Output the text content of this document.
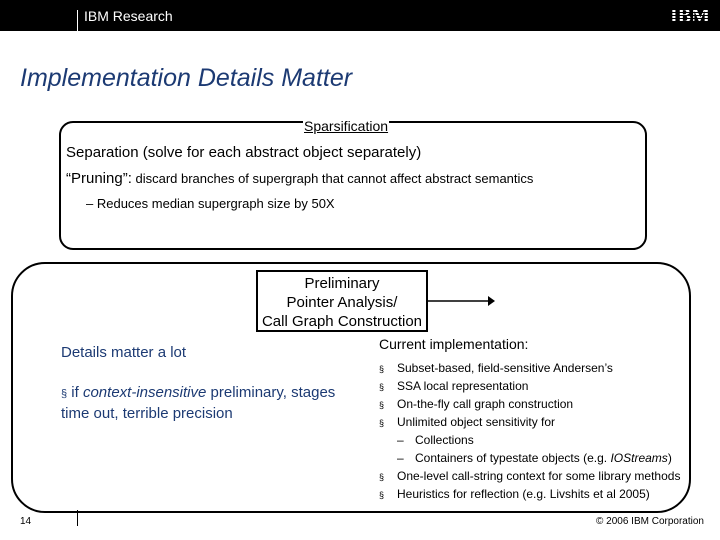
IBM Research	IBM
Implementation Details Matter
Sparsification
Separation (solve for each abstract object separately)
“Pruning”: discard branches of supergraph that cannot affect abstract semantics
– Reduces median supergraph size by 50X
Preliminary
Pointer Analysis/
Call Graph Construction
Details matter a lot
§ if context-insensitive preliminary, stages time out, terrible precision
Current implementation:
§ Subset-based, field-sensitive Andersen’s
§ SSA local representation
§ On-the-fly call graph construction
§ Unlimited object sensitivity for
– Collections
– Containers of typestate objects (e.g. IOStreams)
§ One-level call-string context for some library methods
§ Heuristics for reflection (e.g. Livshits et al 2005)
14	© 2006 IBM Corporation
